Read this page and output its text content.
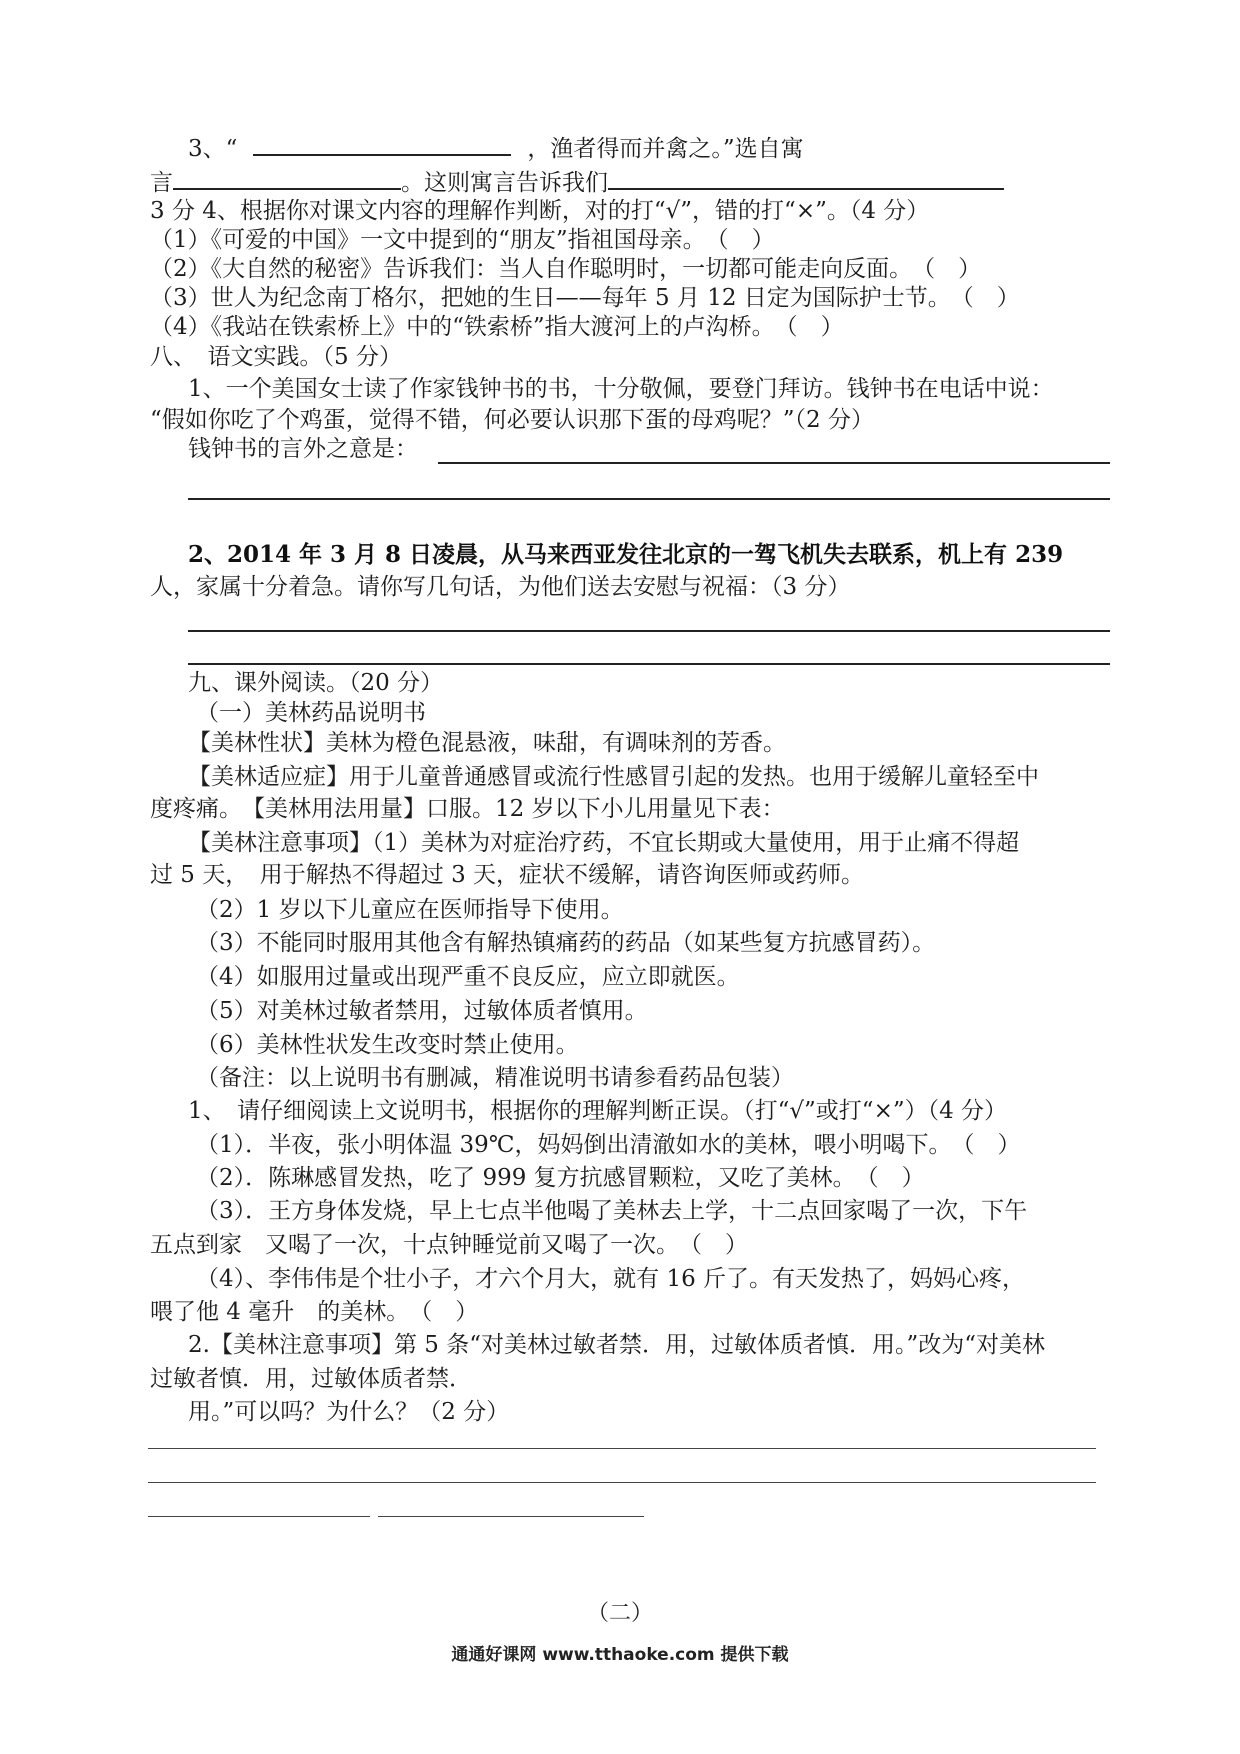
3、“	，渔者得而并禽之。”选自寓
言	。这则寓言告诉我们
3 分 4、根据你对课文内容的理解作判断，对的打“√”，错的打“×”。（4 分）
（1）《可爱的中国》一文中提到的“朋友”指祖国母亲。　（　）
（2）《大自然的秘密》告诉我们：当人自作聪明时，一切都可能走向反面。　（　）
（3）世人为纪念南丁格尔，把她的生日——每年 5 月 12 日定为国际护士节。　（　）
（4）《我站在铁索桥上》中的“铁索桥”指大渡河上的卢沟桥。　（　）
八、　语文实践。（5 分）
1、一个美国女士读了作家钱钟书的书，十分敬佩，要登门拜访。钱钟书在电话中说：
“假如你吃了个鸡蛋，觉得不错，何必要认识那下蛋的母鸡呢？”（2 分）
钱钟书的言外之意是：
2、2014 年 3 月 8 日凌晨，从马来西亚发往北京的一驾飞机失去联系，机上有 239
人，家属十分着急。请你写几句话，为他们送去安慰与祝福：（3 分）
九、课外阅读。（20 分）
（一）美林药品说明书
【美林性状】美林为橙色混悬液，味甜，有调味剂的芳香。
【美林适应症】用于儿童普通感冒或流行性感冒引起的发热。也用于缓解儿童轻至中
度疼痛。　【美林用法用量】口服。12 岁以下小儿用量见下表：
【美林注意事项】（1）美林为对症治疗药，不宜长期或大量使用，用于止痛不得超
过 5 天，　用于解热不得超过 3 天，症状不缓解，请咨询医师或药师。
（2）1 岁以下儿童应在医师指导下使用。
（3）不能同时服用其他含有解热镇痛药的药品（如某些复方抗感冒药）。
（4）如服用过量或出现严重不良反应，应立即就医。
（5）对美林过敏者禁用，过敏体质者慎用。
（6）美林性状发生改变时禁止使用。
（备注：以上说明书有删减，精准说明书请参看药品包装）
1、　请仔细阅读上文说明书，根据你的理解判断正误。（打“√”或打“×”）（4 分）
（1）．半夜，张小明体温 39℃，妈妈倒出清澈如水的美林，喂小明喝下。　（　）
（2）．陈琳感冒发热，吃了 999 复方抗感冒颗粒，又吃了美林。　（　）
（3）．王方身体发烧，早上七点半他喝了美林去上学，十二点回家喝了一次，下午
五点到家　又喝了一次，十点钟睡觉前又喝了一次。　（　）
（4）、李伟伟是个壮小子，才六个月大，就有 16 斤了。有天发热了，妈妈心疼，
喂了他 4 毫升　的美林。　（　）
2.【美林注意事项】第 5 条“对美林过敏者禁．用，过敏体质者慎．用。”改为“对美林
过敏者慎．用，过敏体质者禁．
用。”可以吗？为什么？（2 分）
（二）
通通好课网 www.tthaoke.com 提供下载
